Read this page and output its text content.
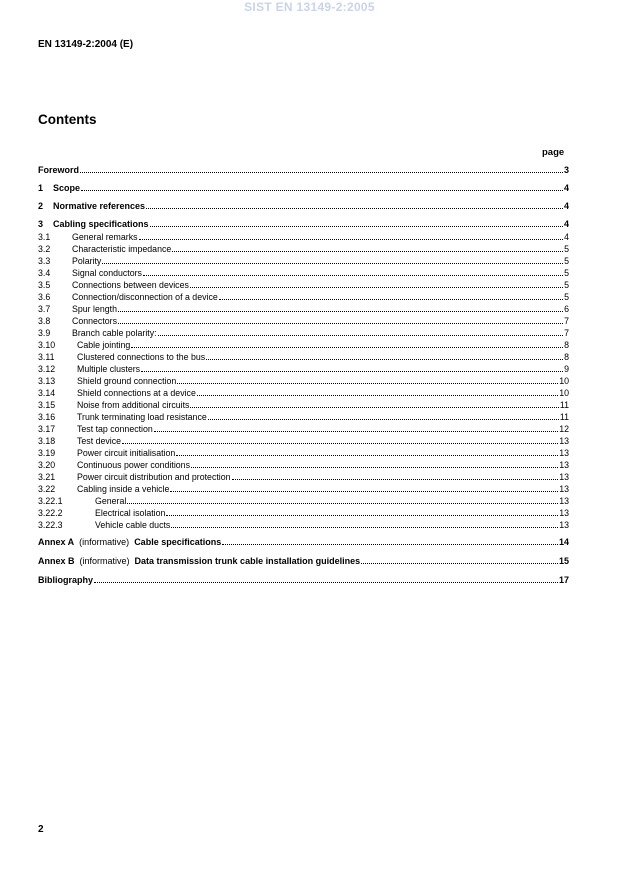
SIST EN 13149-2:2005
EN 13149-2:2004 (E)
Contents
page
Foreword	3
1	Scope	4
2	Normative references	4
3	Cabling specifications	4
3.1	General remarks	4
3.2	Characteristic impedance	5
3.3	Polarity	5
3.4	Signal conductors	5
3.5	Connections between devices	5
3.6	Connection/disconnection of a device	5
3.7	Spur length	6
3.8	Connectors	7
3.9	Branch cable polarity:	7
3.10	Cable jointing	8
3.11	Clustered connections to the bus	8
3.12	Multiple clusters	9
3.13	Shield ground connection	10
3.14	Shield connections at a device	10
3.15	Noise from additional circuits	11
3.16	Trunk terminating load resistance	11
3.17	Test tap connection	12
3.18	Test device	13
3.19	Power circuit initialisation	13
3.20	Continuous power conditions	13
3.21	Power circuit distribution and protection	13
3.22	Cabling inside a vehicle	13
3.22.1	General	13
3.22.2	Electrical isolation	13
3.22.3	Vehicle cable ducts	13
Annex A (informative) Cable specifications	14
Annex B (informative) Data transmission trunk cable installation guidelines	15
Bibliography	17
2
